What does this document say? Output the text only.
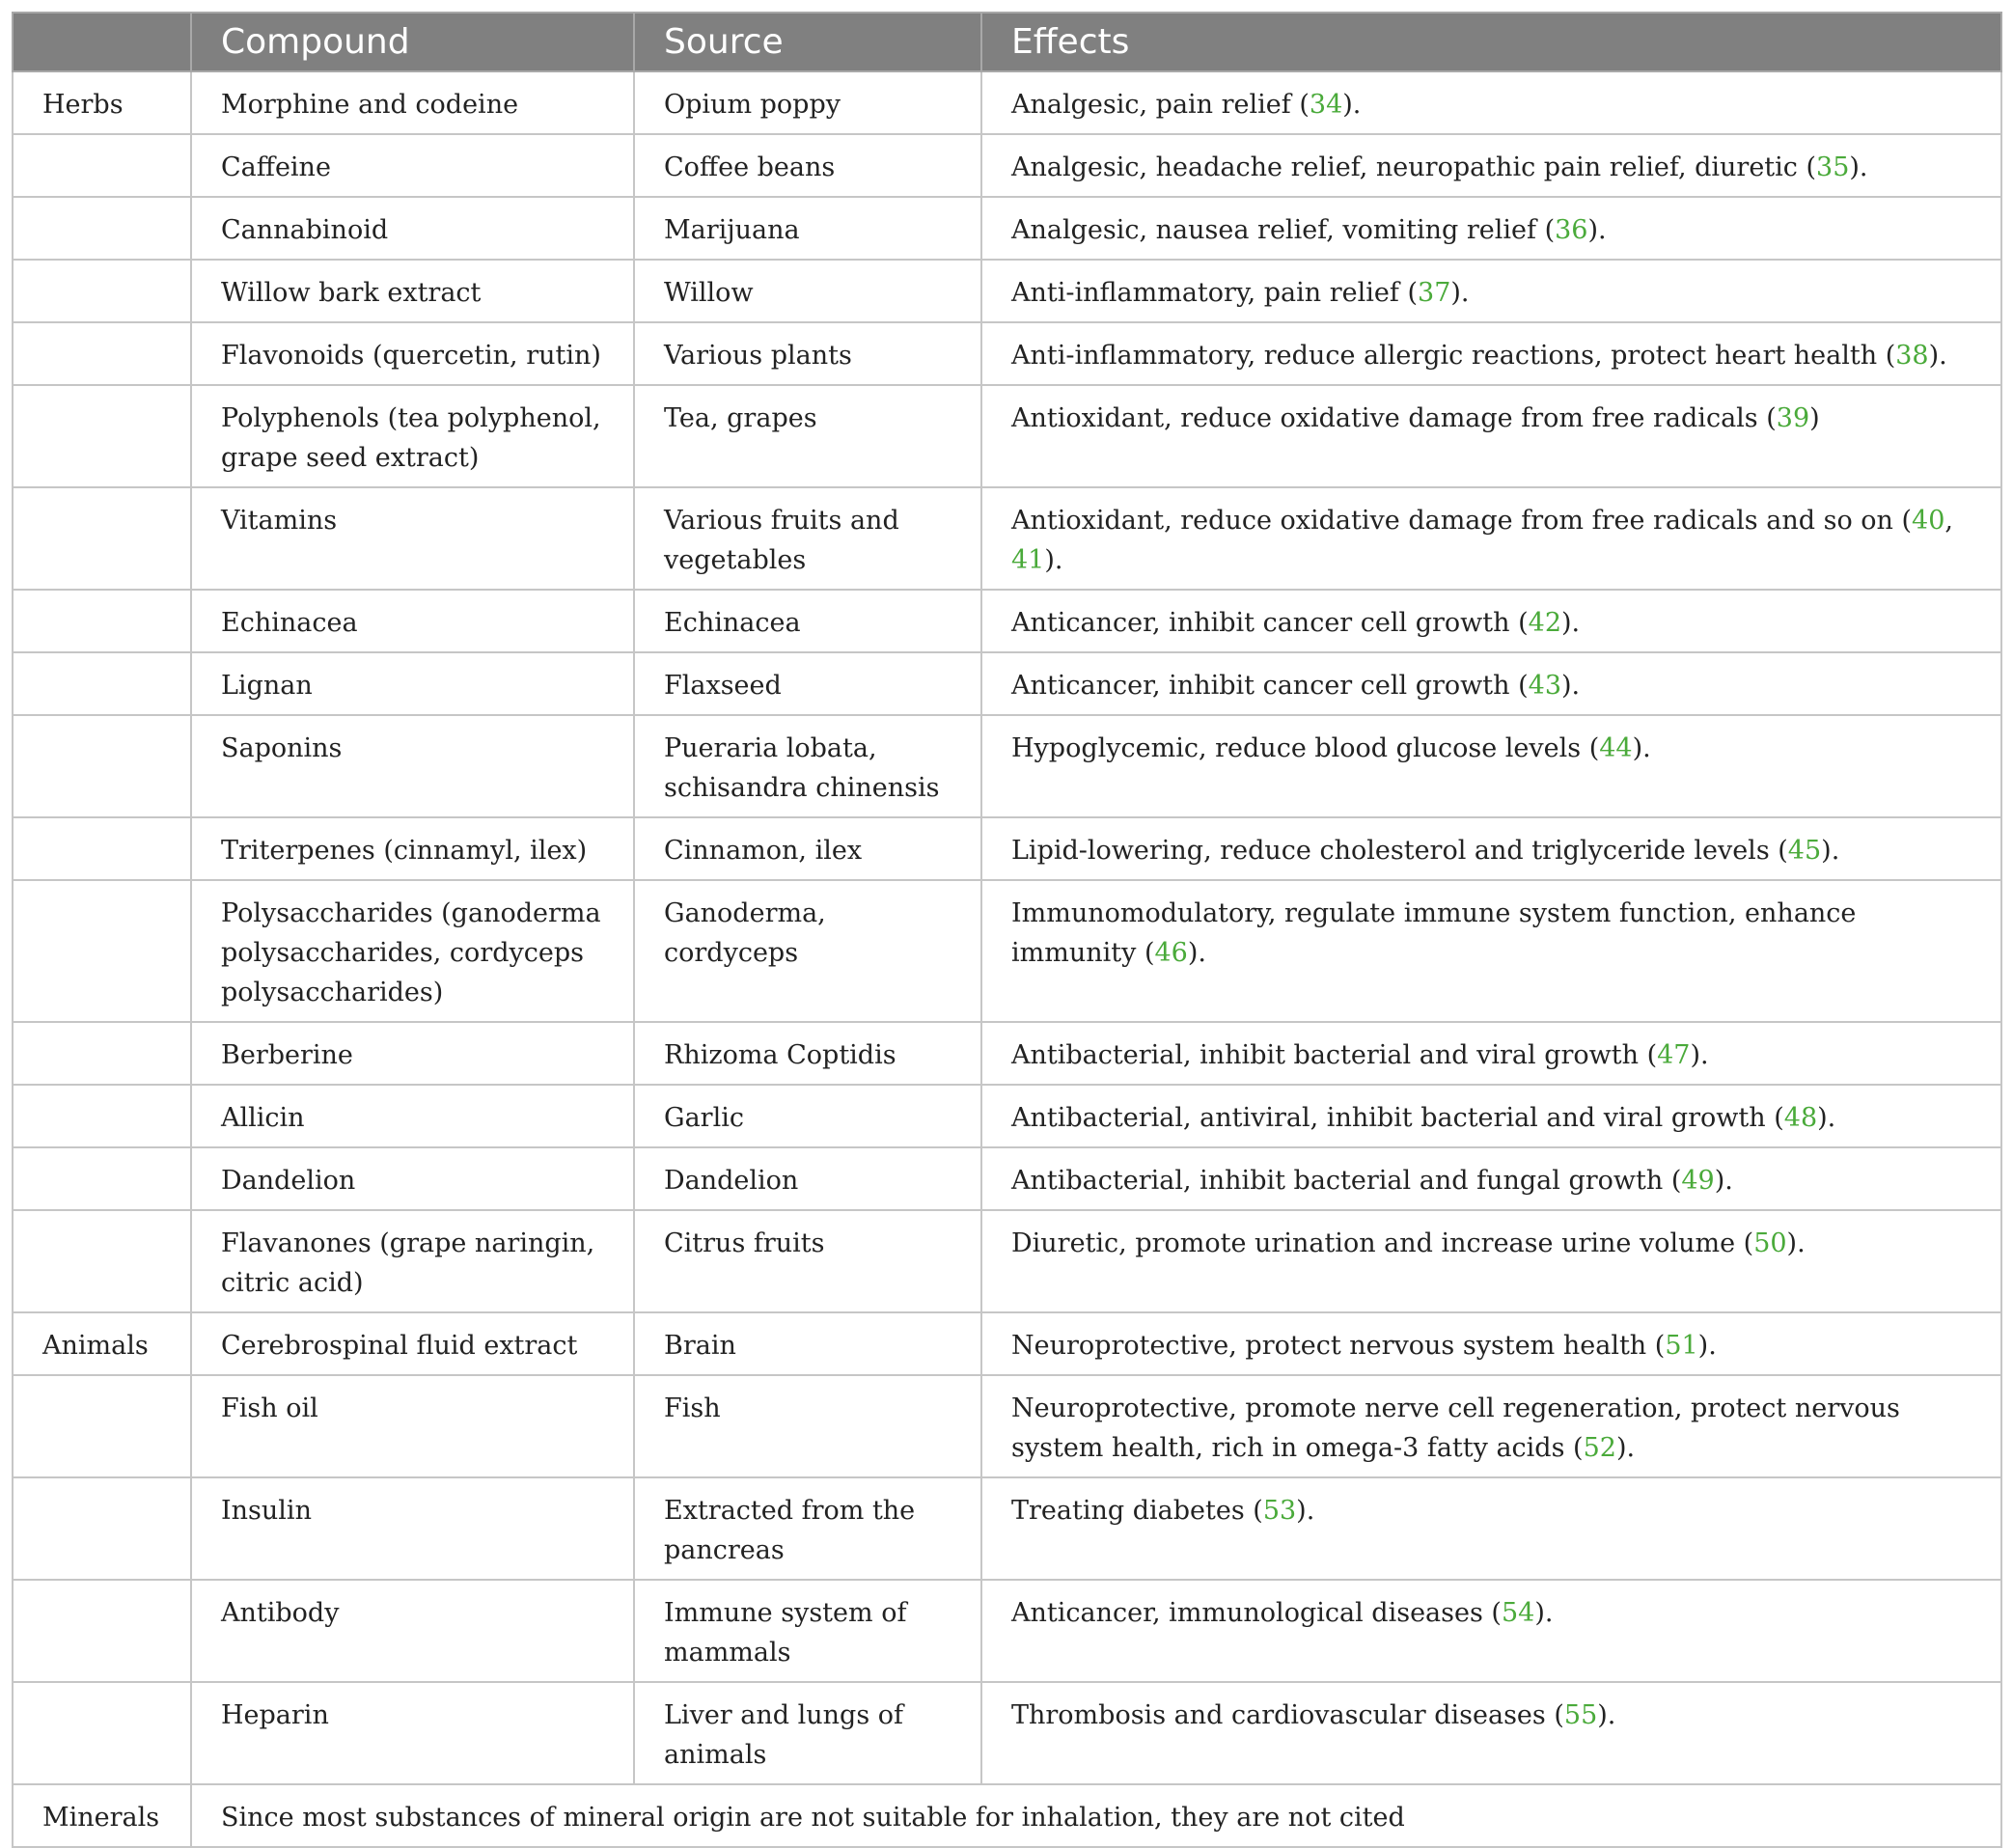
	Compound	Source	Effects
Herbs	Morphine and codeine	Opium poppy	Analgesic, pain relief (34).
	Caffeine	Coffee beans	Analgesic, headache relief, neuropathic pain relief, diuretic (35).
	Cannabinoid	Marijuana	Analgesic, nausea relief, vomiting relief (36).
	Willow bark extract	Willow	Anti-inflammatory, pain relief (37).
	Flavonoids (quercetin, rutin)	Various plants	Anti-inflammatory, reduce allergic reactions, protect heart health (38).
	Polyphenols (tea polyphenol, grape seed extract)	Tea, grapes	Antioxidant, reduce oxidative damage from free radicals (39)
	Vitamins	Various fruits and vegetables	Antioxidant, reduce oxidative damage from free radicals and so on (40, 41).
	Echinacea	Echinacea	Anticancer, inhibit cancer cell growth (42).
	Lignan	Flaxseed	Anticancer, inhibit cancer cell growth (43).
	Saponins	Pueraria lobata, schisandra chinensis	Hypoglycemic, reduce blood glucose levels (44).
	Triterpenes (cinnamyl, ilex)	Cinnamon, ilex	Lipid-lowering, reduce cholesterol and triglyceride levels (45).
	Polysaccharides (ganoderma polysaccharides, cordyceps polysaccharides)	Ganoderma, cordyceps	Immunomodulatory, regulate immune system function, enhance immunity (46).
	Berberine	Rhizoma Coptidis	Antibacterial, inhibit bacterial and viral growth (47).
	Allicin	Garlic	Antibacterial, antiviral, inhibit bacterial and viral growth (48).
	Dandelion	Dandelion	Antibacterial, inhibit bacterial and fungal growth (49).
	Flavanones (grape naringin, citric acid)	Citrus fruits	Diuretic, promote urination and increase urine volume (50).
Animals	Cerebrospinal fluid extract	Brain	Neuroprotective, protect nervous system health (51).
	Fish oil	Fish	Neuroprotective, promote nerve cell regeneration, protect nervous system health, rich in omega-3 fatty acids (52).
	Insulin	Extracted from the pancreas	Treating diabetes (53).
	Antibody	Immune system of mammals	Anticancer, immunological diseases (54).
	Heparin	Liver and lungs of animals	Thrombosis and cardiovascular diseases (55).
Minerals	Since most substances of mineral origin are not suitable for inhalation, they are not cited		
